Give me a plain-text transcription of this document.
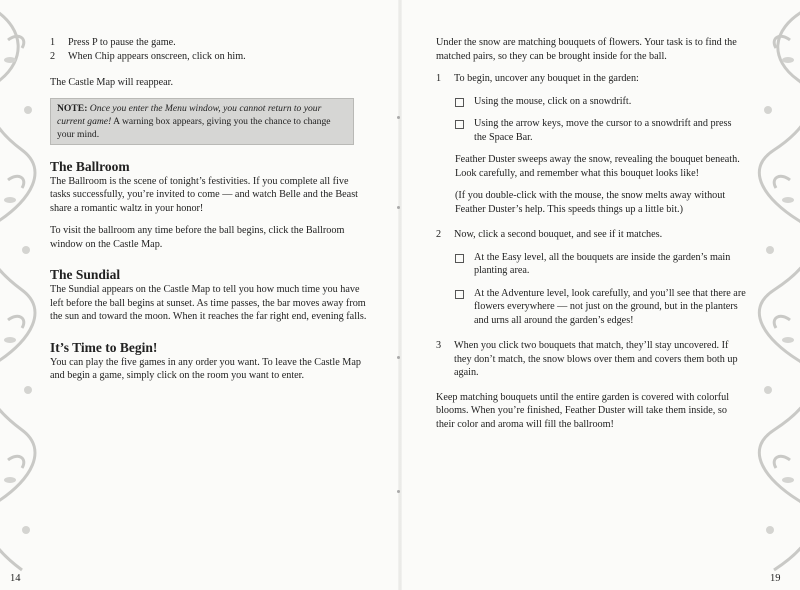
1	Press P to pause the game.
2	When Chip appears onscreen, click on him.

The Castle Map will reappear.

NOTE: Once you enter the Menu window, you cannot return to your current game! A warning box appears, giving you the chance to change your mind.
The Ballroom

The Ballroom is the scene of tonight’s festivities. If you complete all five tasks successfully, you’re invited to come — and watch Belle and the Beast share a romantic waltz in your honor!

To visit the ballroom any time before the ball begins, click the Ballroom window on the Castle Map.

The Sundial

The Sundial appears on the Castle Map to tell you how much time you have left before the ball begins at sunset. As time passes, the bar moves away from the sun and toward the moon. When it reaches the far right end, evening falls.

It’s Time to Begin!

You can play the five games in any order you want. To leave the Castle Map and begin a game, simply click on the room you want to enter.

Under the snow are matching bouquets of flowers. Your task is to find the matched pairs, so they can be brought inside for the ball.

1	To begin, uncover any bouquet in the garden:
Using the mouse, click on a snowdrift.
Using the arrow keys, move the cursor to a snowdrift and press the Space Bar.

Feather Duster sweeps away the snow, revealing the bouquet beneath. Look carefully, and remember what this bouquet looks like!

(If you double-click with the mouse, the snow melts away without Feather Duster’s help. This speeds things up a little bit.)

2	Now, click a second bouquet, and see if it matches.
At the Easy level, all the bouquets are inside the garden’s main planting area.
At the Adventure level, look carefully, and you’ll see that there are flowers everywhere — not just on the ground, but in the planters and urns all around the garden’s edges!
3	When you click two bouquets that match, they’ll stay uncovered. If they don’t match, the snow blows over them and covers them both up again.

Keep matching bouquets until the entire garden is covered with colorful blooms. When you’re finished, Feather Duster will take them inside, so their color and aroma will fill the ballroom!

14	19
